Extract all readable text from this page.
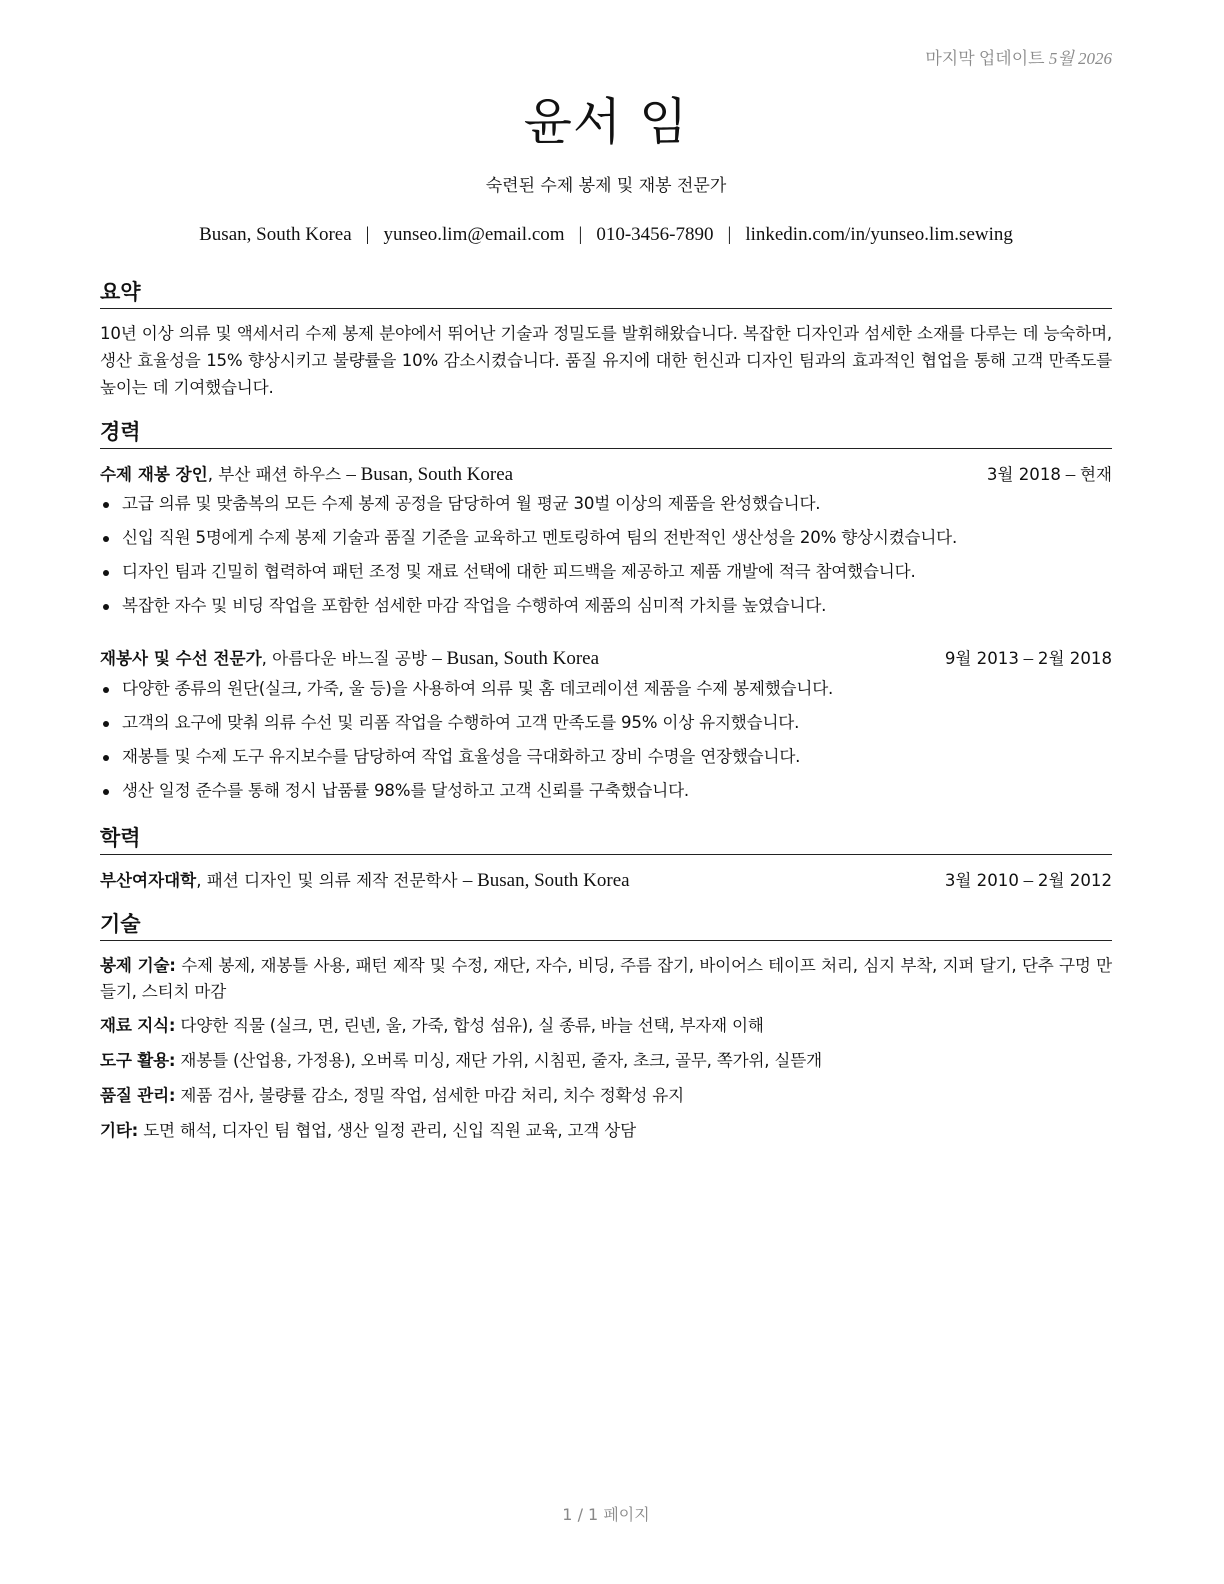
마지막 업데이트 5월 2026
윤서 임
숙련된 수제 봉제 및 재봉 전문가
Busan, South Korea | yunseo.lim@email.com | 010-3456-7890 | linkedin.com/in/yunseo.lim.sewing
요약
10년 이상 의류 및 액세서리 수제 봉제 분야에서 뛰어난 기술과 정밀도를 발휘해왔습니다. 복잡한 디자인과 섬세한 소재를 다루는 데 능숙하며, 생산 효율성을 15% 향상시키고 불량률을 10% 감소시켰습니다. 품질 유지에 대한 헌신과 디자인 팀과의 효과적인 협업을 통해 고객 만족도를 높이는 데 기여했습니다.
경력
수제 재봉 장인, 부산 패션 하우스 – Busan, South Korea	3월 2018 – 현재
고급 의류 및 맞춤복의 모든 수제 봉제 공정을 담당하여 월 평균 30벌 이상의 제품을 완성했습니다.
신입 직원 5명에게 수제 봉제 기술과 품질 기준을 교육하고 멘토링하여 팀의 전반적인 생산성을 20% 향상시켰습니다.
디자인 팀과 긴밀히 협력하여 패턴 조정 및 재료 선택에 대한 피드백을 제공하고 제품 개발에 적극 참여했습니다.
복잡한 자수 및 비딩 작업을 포함한 섬세한 마감 작업을 수행하여 제품의 심미적 가치를 높였습니다.
재봉사 및 수선 전문가, 아름다운 바느질 공방 – Busan, South Korea	9월 2013 – 2월 2018
다양한 종류의 원단(실크, 가죽, 울 등)을 사용하여 의류 및 홈 데코레이션 제품을 수제 봉제했습니다.
고객의 요구에 맞춰 의류 수선 및 리폼 작업을 수행하여 고객 만족도를 95% 이상 유지했습니다.
재봉틀 및 수제 도구 유지보수를 담당하여 작업 효율성을 극대화하고 장비 수명을 연장했습니다.
생산 일정 준수를 통해 정시 납품률 98%를 달성하고 고객 신뢰를 구축했습니다.
학력
부산여자대학, 패션 디자인 및 의류 제작 전문학사 – Busan, South Korea	3월 2010 – 2월 2012
기술
봉제 기술: 수제 봉제, 재봉틀 사용, 패턴 제작 및 수정, 재단, 자수, 비딩, 주름 잡기, 바이어스 테이프 처리, 심지 부착, 지퍼 달기, 단추 구멍 만들기, 스티치 마감
재료 지식: 다양한 직물 (실크, 면, 린넨, 울, 가죽, 합성 섬유), 실 종류, 바늘 선택, 부자재 이해
도구 활용: 재봉틀 (산업용, 가정용), 오버록 미싱, 재단 가위, 시침핀, 줄자, 초크, 골무, 쪽가위, 실뜯개
품질 관리: 제품 검사, 불량률 감소, 정밀 작업, 섬세한 마감 처리, 치수 정확성 유지
기타: 도면 해석, 디자인 팀 협업, 생산 일정 관리, 신입 직원 교육, 고객 상담
1 / 1 페이지
